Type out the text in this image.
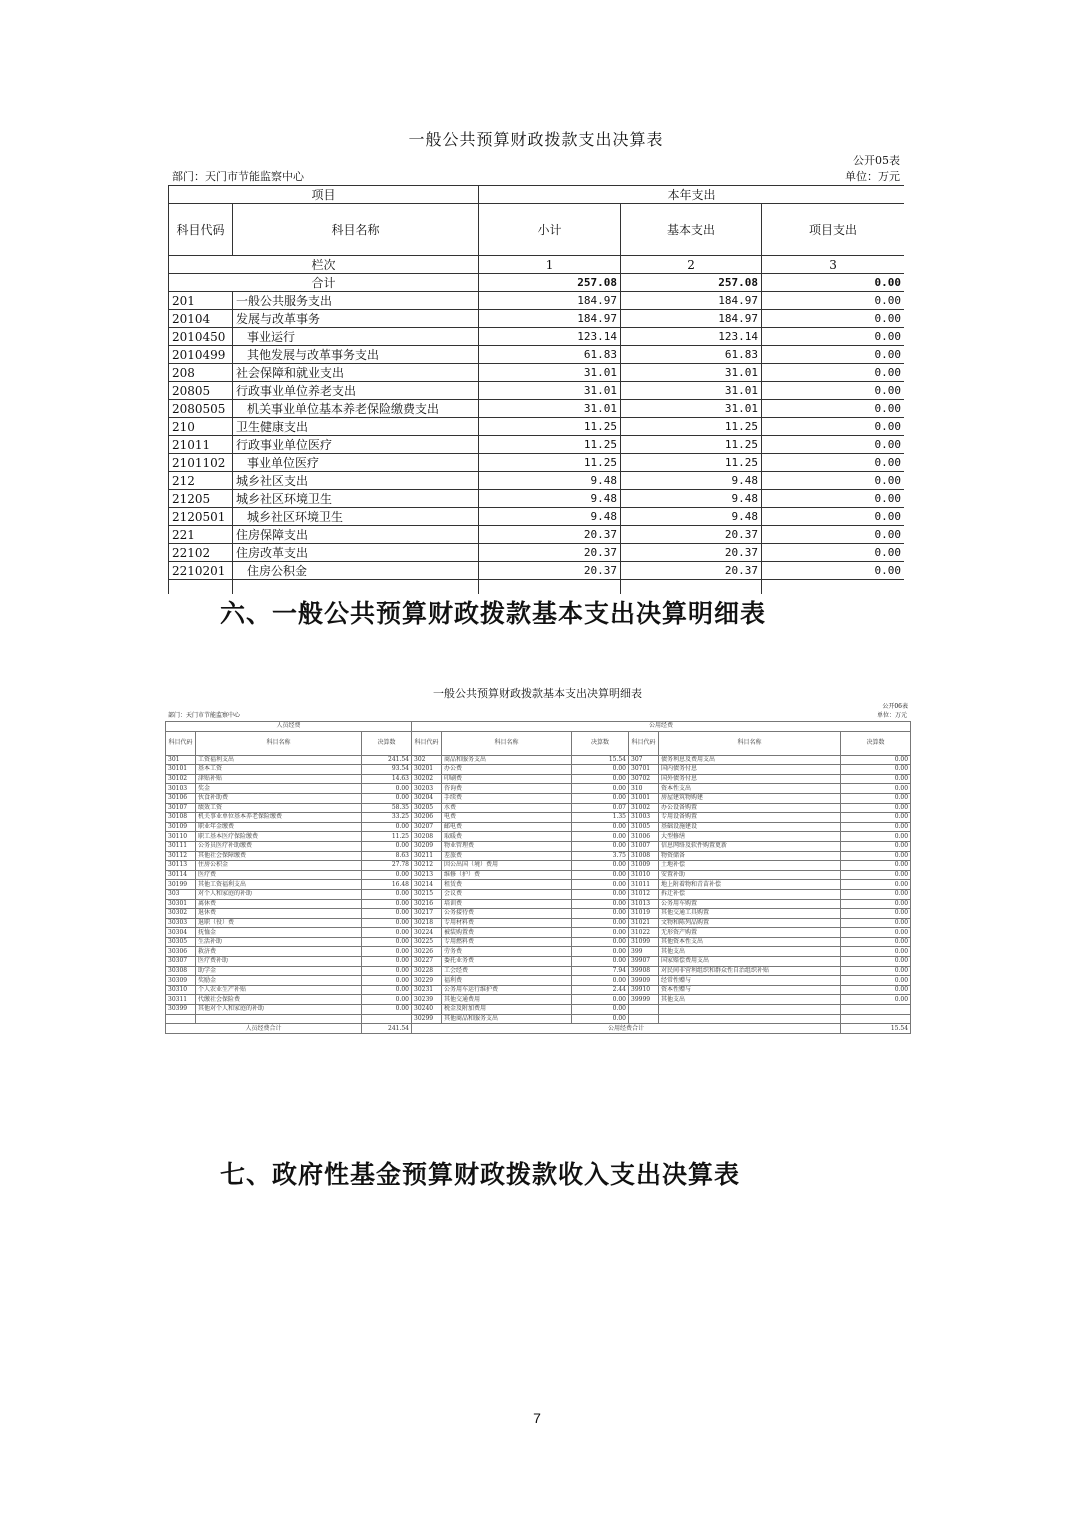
一般公共预算财政拨款支出决算表
公开05表
部门：天门市节能监察中心	单位：万元
项目		本年支出		
科目代码	科目名称	小计	基本支出	项目支出
栏次		1	2	3
合计		257.08	257.08	0.00
201	一般公共服务支出	184.97	184.97	0.00
20104	发展与改革事务	184.97	184.97	0.00
2010450	事业运行	123.14	123.14	0.00
2010499	其他发展与改革事务支出	61.83	61.83	0.00
208	社会保障和就业支出	31.01	31.01	0.00
20805	行政事业单位养老支出	31.01	31.01	0.00
2080505	机关事业单位基本养老保险缴费支出	31.01	31.01	0.00
210	卫生健康支出	11.25	11.25	0.00
21011	行政事业单位医疗	11.25	11.25	0.00
2101102	事业单位医疗	11.25	11.25	0.00
212	城乡社区支出	9.48	9.48	0.00
21205	城乡社区环境卫生	9.48	9.48	0.00
2120501	城乡社区环境卫生	9.48	9.48	0.00
221	住房保障支出	20.37	20.37	0.00
22102	住房改革支出	20.37	20.37	0.00
2210201	住房公积金	20.37	20.37	0.00

六、一般公共预算财政拨款基本支出决算明细表
一般公共预算财政拨款基本支出决算明细表
公开06表
部门：天门市节能监察中心	单位：万元
人员经费			公用经费					
科目代码	科目名称	决算数	科目代码	科目名称	决算数	科目代码	科目名称	决算数
301	工资福利支出	241.54	302	商品和服务支出	15.54	307	债务利息及费用支出	0.00
30101	基本工资	93.54	30201	办公费	0.00	30701	国内债务付息	0.00
30102	津贴补贴	14.63	30202	印刷费	0.00	30702	国外债务付息	0.00
30103	奖金	0.00	30203	咨询费	0.00	310	资本性支出	0.00
30106	伙食补助费	0.00	30204	手续费	0.00	31001	房屋建筑物购建	0.00
30107	绩效工资	58.35	30205	水费	0.07	31002	办公设备购置	0.00
30108	机关事业单位基本养老保险缴费	33.25	30206	电费	1.35	31003	专用设备购置	0.00
30109	职业年金缴费	0.00	30207	邮电费	0.00	31005	基础设施建设	0.00
30110	职工基本医疗保险缴费	11.25	30208	取暖费	0.00	31006	大型修缮	0.00
30111	公务员医疗补助缴费	0.00	30209	物业管理费	0.00	31007	信息网络及软件购置更新	0.00
30112	其他社会保障缴费	8.63	30211	差旅费	3.75	31008	物资储备	0.00
30113	住房公积金	27.78	30212	因公出国（境）费用	0.00	31009	土地补偿	0.00
30114	医疗费	0.00	30213	维修（护）费	0.00	31010	安置补助	0.00
30199	其他工资福利支出	16.48	30214	租赁费	0.00	31011	地上附着物和青苗补偿	0.00
303	对个人和家庭的补助	0.00	30215	会议费	0.00	31012	拆迁补偿	0.00
30301	离休费	0.00	30216	培训费	0.00	31013	公务用车购置	0.00
30302	退休费	0.00	30217	公务接待费	0.00	31019	其他交通工具购置	0.00
30303	退职（役）费	0.00	30218	专用材料费	0.00	31021	文物和陈列品购置	0.00
30304	抚恤金	0.00	30224	被装购置费	0.00	31022	无形资产购置	0.00
30305	生活补助	0.00	30225	专用燃料费	0.00	31099	其他资本性支出	0.00
30306	救济费	0.00	30226	劳务费	0.00	399	其他支出	0.00
30307	医疗费补助	0.00	30227	委托业务费	0.00	39907	国家赔偿费用支出	0.00
30308	助学金	0.00	30228	工会经费	7.94	39908	对民间非营利组织和群众性自治组织补贴	0.00
30309	奖励金	0.00	30229	福利费	0.00	39909	经常性赠与	0.00
30310	个人农业生产补贴	0.00	30231	公务用车运行维护费	2.44	39910	资本性赠与	0.00
30311	代缴社会保险费	0.00	30239	其他交通费用	0.00	39999	其他支出	0.00
30399	其他对个人和家庭的补助	0.00	30240	税金及附加费用	0.00			
			30299	其他商品和服务支出	0.00			
人员经费合计		241.54	公用经费合计					15.54
七、政府性基金预算财政拨款收入支出决算表
7
